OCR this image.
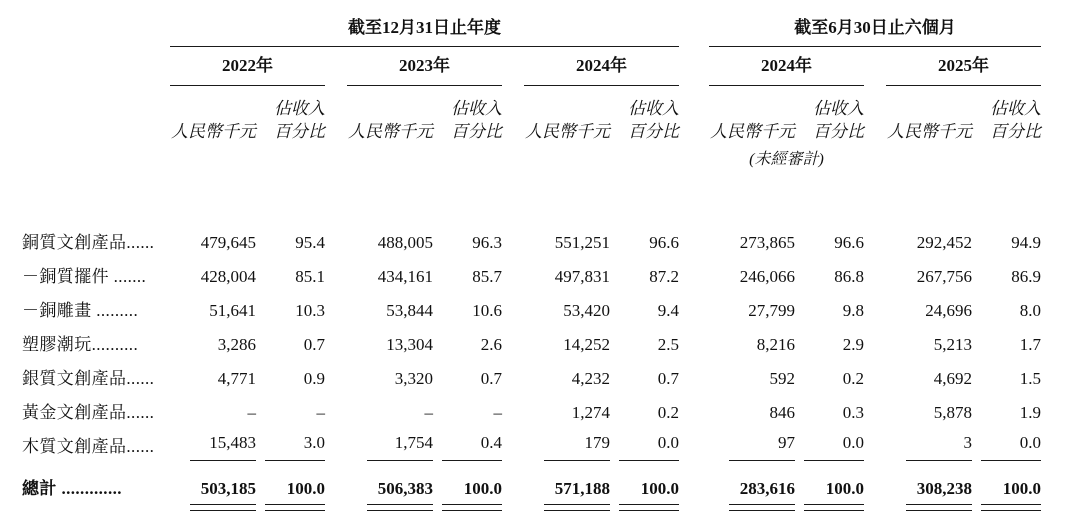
	截至12月31日止年度									截至6月30日止六個月				
	2022年			2023年			2024年			2024年			2025年	
	人民幣千元	
佔收入
百分比		人民幣千元	
佔收入
百分比		人民幣千元	
佔收入
百分比		人民幣千元	
佔收入
百分比		人民幣千元	
佔收入
百分比

										(未經審計)				

銅質文創產品......	479,645	95.4		488,005	96.3		551,251	96.6		273,865	96.6		292,452	94.9
－銅質擺件 .......	428,004	85.1		434,161	85.7		497,831	87.2		246,066	86.8		267,756	86.9
－銅雕畫 .........	51,641	10.3		53,844	10.6		53,420	9.4		27,799	9.8		24,696	8.0
塑膠潮玩..........	3,286	0.7		13,304	2.6		14,252	2.5		8,216	2.9		5,213	1.7
銀質文創產品......	4,771	0.9		3,320	0.7		4,232	0.7		592	0.2		4,692	1.5
黃金文創產品......	–	–		–	–		1,274	0.2		846	0.3		5,878	1.9
木質文創產品......	15,483	3.0		1,754	0.4		179	0.0		97	0.0		3	0.0
總計 .............	503,185	100.0		506,383	100.0		571,188	100.0		283,616	100.0		308,238	100.0
